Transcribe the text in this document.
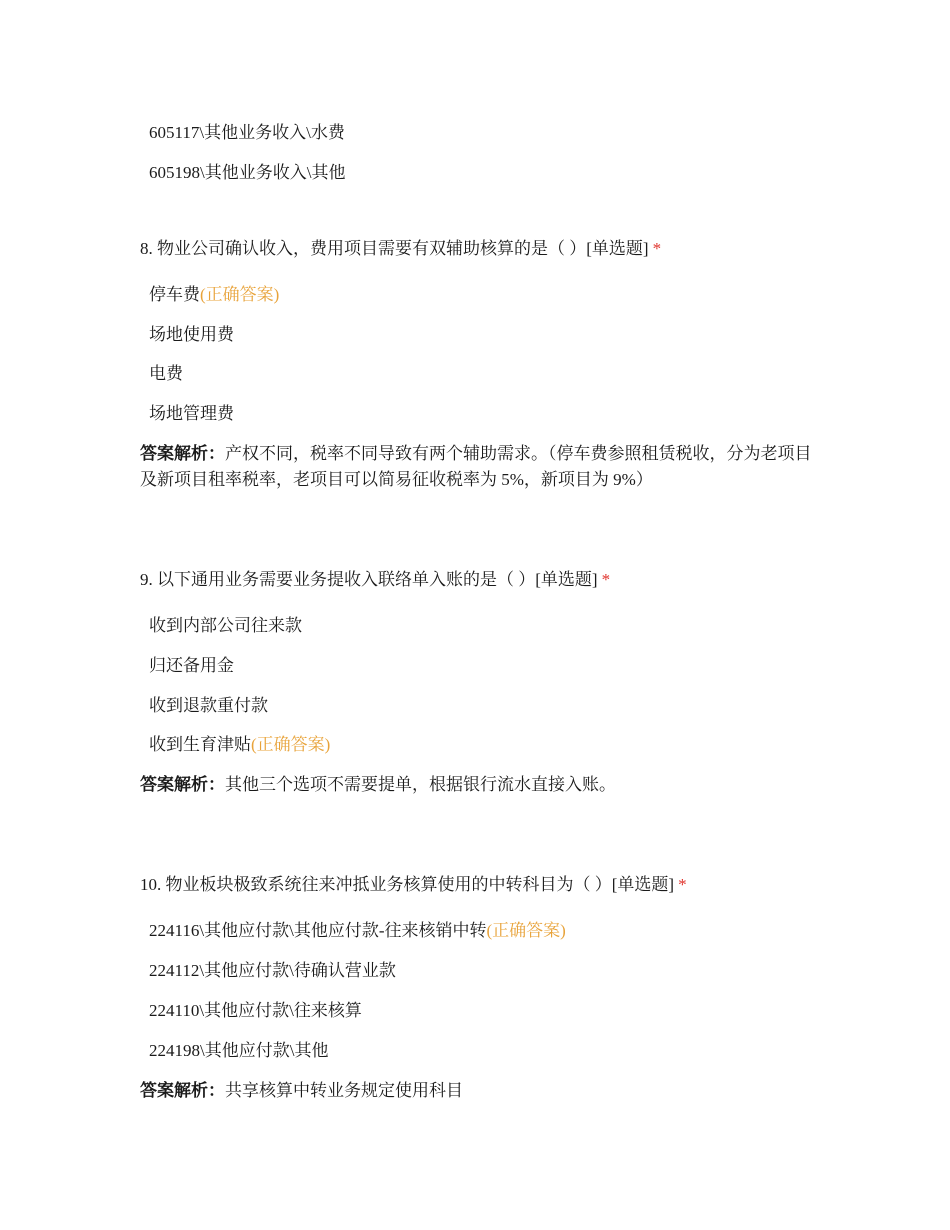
605117\其他业务收入\水费
605198\其他业务收入\其他
8. 物业公司确认收入，费用项目需要有双辅助核算的是（ ）[单选题] *
停车费(正确答案)
场地使用费
电费
场地管理费
答案解析：产权不同，税率不同导致有两个辅助需求。（停车费参照租赁税收，分为老项目及新项目租率税率，老项目可以简易征收税率为 5%，新项目为 9%）
9. 以下通用业务需要业务提收入联络单入账的是（ ）[单选题] *
收到内部公司往来款
归还备用金
收到退款重付款
收到生育津贴(正确答案)
答案解析：其他三个选项不需要提单，根据银行流水直接入账。
10. 物业板块极致系统往来冲抵业务核算使用的中转科目为（ ）[单选题] *
224116\其他应付款\其他应付款-往来核销中转(正确答案)
224112\其他应付款\待确认营业款
224110\其他应付款\往来核算
224198\其他应付款\其他
答案解析：共享核算中转业务规定使用科目
